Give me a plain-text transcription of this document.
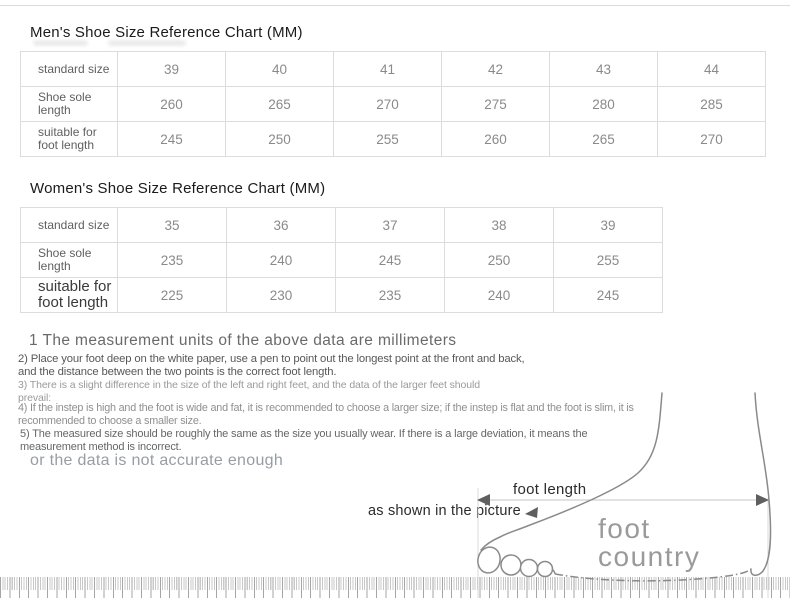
Men's Shoe Size Reference Chart (MM)
standard size	39	40	41	42	43	44
Shoe sole length	260	265	270	275	280	285
suitable for foot length	245	250	255	260	265	270
Women's Shoe Size Reference Chart (MM)
standard size	35	36	37	38	39
Shoe sole length	235	240	245	250	255
suitable for foot length	225	230	235	240	245
1 The measurement units of the above data are millimeters
2) Place your foot deep on the white paper, use a pen to point out the longest point at the front and back,
and the distance between the two points is the correct foot length.
3) There is a slight difference in the size of the left and right feet, and the data of the larger feet should
prevail:
4) If the instep is high and the foot is wide and fat, it is recommended to choose a larger size; if the instep is flat and the foot is slim, it is
recommended to choose a smaller size.
5) The measured size should be roughly the same as the size you usually wear. If there is a large deviation, it means the
measurement method is incorrect.
or the data is not accurate enough
as shown in the picture
foot
country
foot length
